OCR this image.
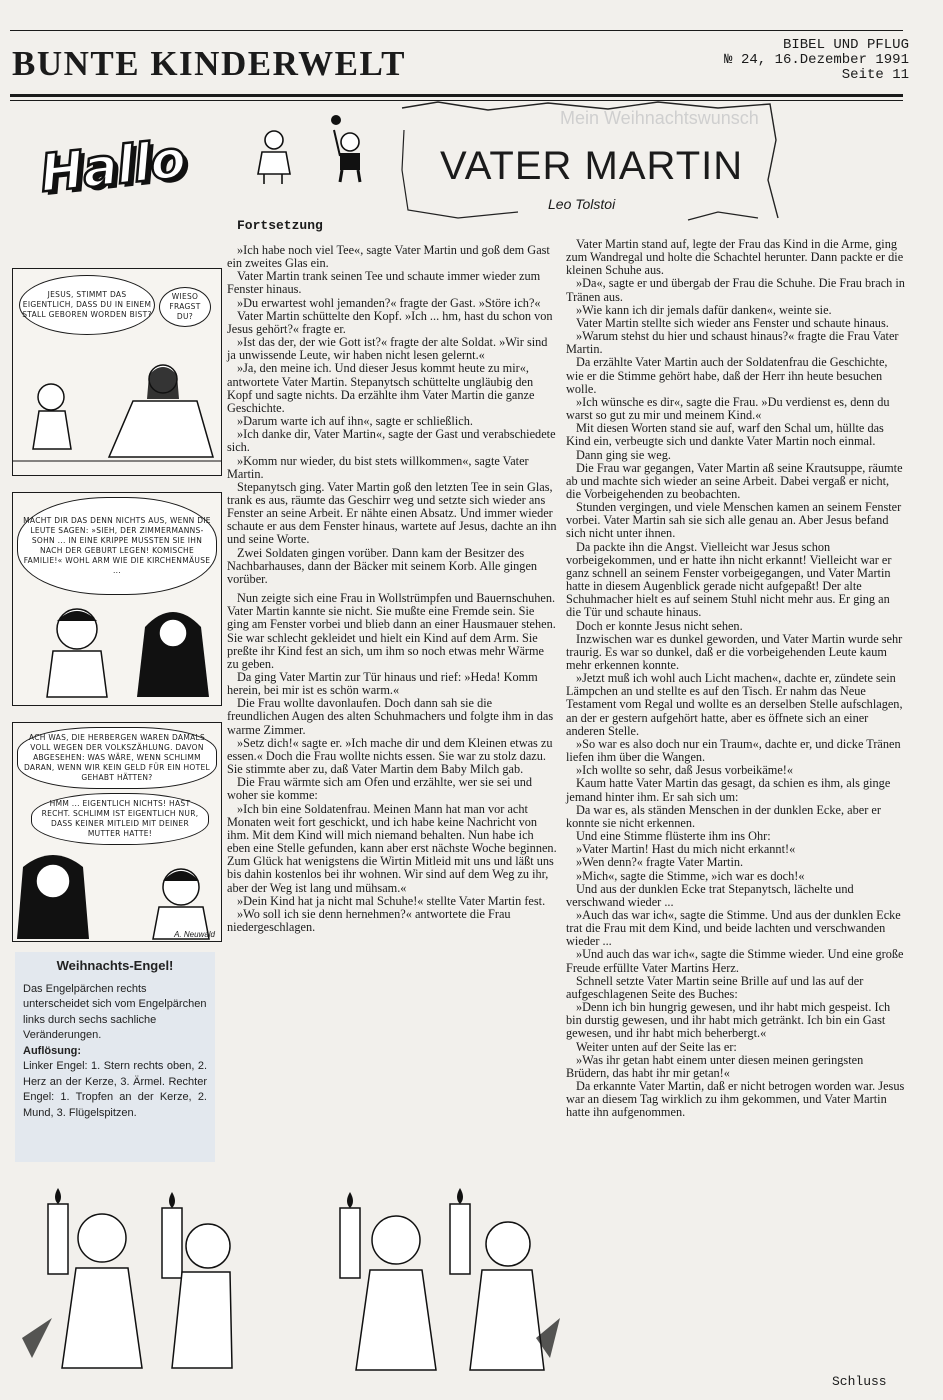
BUNTE KINDERWELT	BIBEL UND PFLUG
№ 24, 16.Dezember 1991
Seite 11
Mein Weihnachtswunsch
Hallo	VATER MARTIN
Leo Tolstoi
Fortsetzung
JESUS, STIMMT DAS EIGENTLICH, DASS DU IN EINEM STALL GEBOREN WORDEN BIST?
WIESO FRAGST DU?
MACHT DIR DAS DENN NICHTS AUS, WENN DIE LEUTE SAGEN: »SIEH, DER ZIMMERMANNS-SOHN ... IN EINE KRIPPE MUSSTEN SIE IHN NACH DER GEBURT LEGEN! KOMISCHE FAMILIE!« WOHL ARM WIE DIE KIRCHENMÄUSE ...
ACH WAS, DIE HERBERGEN WAREN DAMALS VOLL WEGEN DER VOLKSZÄHLUNG. DAVON ABGESEHEN: WAS WÄRE, WENN SCHLIMM DARAN, WENN WIR KEIN GELD FÜR EIN HOTEL GEHABT HÄTTEN?
HMM ... EIGENTLICH NICHTS! HAST RECHT. SCHLIMM IST EIGENTLICH NUR, DASS KEINER MITLEID MIT DEINER MUTTER HATTE!
A. Neuwald
Weihnachts-Engel!

Das Engelpärchen rechts unterscheidet sich vom Engelpärchen links durch sechs sachliche Veränderungen.

Auflösung:

Linker Engel: 1. Stern rechts oben, 2. Herz an der Kerze, 3. Ärmel. Rechter Engel: 1. Tropfen an der Kerze, 2. Mund, 3. Flügelspitzen.

»Ich habe noch viel Tee«, sagte Vater Martin und goß dem Gast ein zweites Glas ein.

Vater Martin trank seinen Tee und schaute immer wieder zum Fenster hinaus.

»Du erwartest wohl jemanden?« fragte der Gast. »Störe ich?«

Vater Martin schüttelte den Kopf. »Ich ... hm, hast du schon von Jesus gehört?« fragte er.

»Ist das der, der wie Gott ist?« fragte der alte Soldat. »Wir sind ja unwissende Leute, wir haben nicht lesen gelernt.«

»Ja, den meine ich. Und dieser Jesus kommt heute zu mir«, antwortete Vater Martin. Stepanytsch schüttelte ungläubig den Kopf und sagte nichts. Da erzählte ihm Vater Martin die ganze Geschichte.

»Darum warte ich auf ihn«, sagte er schließlich.

»Ich danke dir, Vater Martin«, sagte der Gast und verabschiedete sich.

»Komm nur wieder, du bist stets willkommen«, sagte Vater Martin.

Stepanytsch ging. Vater Martin goß den letzten Tee in sein Glas, trank es aus, räumte das Geschirr weg und setzte sich wieder ans Fenster an seine Arbeit. Er nähte einen Absatz. Und immer wieder schaute er aus dem Fenster hinaus, wartete auf Jesus, dachte an ihn und seine Worte.

Zwei Soldaten gingen vorüber. Dann kam der Besitzer des Nachbarhauses, dann der Bäcker mit seinem Korb. Alle gingen vorüber.

Nun zeigte sich eine Frau in Wollstrümpfen und Bauernschuhen. Vater Martin kannte sie nicht. Sie mußte eine Fremde sein. Sie ging am Fenster vorbei und blieb dann an einer Hausmauer stehen. Sie war schlecht gekleidet und hielt ein Kind auf dem Arm. Sie preßte ihr Kind fest an sich, um ihm so noch etwas mehr Wärme zu geben.

Da ging Vater Martin zur Tür hinaus und rief: »Heda! Komm herein, bei mir ist es schön warm.«

Die Frau wollte davonlaufen. Doch dann sah sie die freundlichen Augen des alten Schuhmachers und folgte ihm in das warme Zimmer.

»Setz dich!« sagte er. »Ich mache dir und dem Kleinen etwas zu essen.« Doch die Frau wollte nichts essen. Sie war zu stolz dazu. Sie stimmte aber zu, daß Vater Martin dem Baby Milch gab.

Die Frau wärmte sich am Ofen und erzählte, wer sie sei und woher sie komme:

»Ich bin eine Soldatenfrau. Meinen Mann hat man vor acht Monaten weit fort geschickt, und ich habe keine Nachricht von ihm. Mit dem Kind will mich niemand behalten. Nun habe ich eben eine Stelle gefunden, kann aber erst nächste Woche beginnen. Zum Glück hat wenigstens die Wirtin Mitleid mit uns und läßt uns bis dahin kostenlos bei ihr wohnen. Wir sind auf dem Weg zu ihr, aber der Weg ist lang und mühsam.«

»Dein Kind hat ja nicht mal Schuhe!« stellte Vater Martin fest.

»Wo soll ich sie denn hernehmen?« antwortete die Frau niedergeschlagen.

Vater Martin stand auf, legte der Frau das Kind in die Arme, ging zum Wandregal und holte die Schachtel herunter. Dann packte er die kleinen Schuhe aus.

»Da«, sagte er und übergab der Frau die Schuhe. Die Frau brach in Tränen aus.

»Wie kann ich dir jemals dafür danken«, weinte sie.

Vater Martin stellte sich wieder ans Fenster und schaute hinaus.

»Warum stehst du hier und schaust hinaus?« fragte die Frau Vater Martin.

Da erzählte Vater Martin auch der Soldatenfrau die Geschichte, wie er die Stimme gehört habe, daß der Herr ihn heute besuchen wolle.

»Ich wünsche es dir«, sagte die Frau. »Du verdienst es, denn du warst so gut zu mir und meinem Kind.«

Mit diesen Worten stand sie auf, warf den Schal um, hüllte das Kind ein, verbeugte sich und dankte Vater Martin noch einmal.

Dann ging sie weg.

Die Frau war gegangen, Vater Martin aß seine Krautsuppe, räumte ab und machte sich wieder an seine Arbeit. Dabei vergaß er nicht, die Vorbeigehenden zu beobachten.

Stunden vergingen, und viele Menschen kamen an seinem Fenster vorbei. Vater Martin sah sie sich alle genau an. Aber Jesus befand sich nicht unter ihnen.

Da packte ihn die Angst. Vielleicht war Jesus schon vorbeigekommen, und er hatte ihn nicht erkannt! Vielleicht war er ganz schnell an seinem Fenster vorbeigegangen, und Vater Martin hatte in diesem Augenblick gerade nicht aufgepaßt! Der alte Schuhmacher hielt es auf seinem Stuhl nicht mehr aus. Er ging an die Tür und schaute hinaus.

Doch er konnte Jesus nicht sehen.

Inzwischen war es dunkel geworden, und Vater Martin wurde sehr traurig. Es war so dunkel, daß er die vorbeigehenden Leute kaum mehr erkennen konnte.

»Jetzt muß ich wohl auch Licht machen«, dachte er, zündete sein Lämpchen an und stellte es auf den Tisch. Er nahm das Neue Testament vom Regal und wollte es an derselben Stelle aufschlagen, an der er gestern aufgehört hatte, aber es öffnete sich an einer anderen Stelle.

»So war es also doch nur ein Traum«, dachte er, und dicke Tränen liefen ihm über die Wangen.

»Ich wollte so sehr, daß Jesus vorbeikäme!«

Kaum hatte Vater Martin das gesagt, da schien es ihm, als ginge jemand hinter ihm. Er sah sich um:

Da war es, als ständen Menschen in der dunklen Ecke, aber er konnte sie nicht erkennen.

Und eine Stimme flüsterte ihm ins Ohr:

»Vater Martin! Hast du mich nicht erkannt!«

»Wen denn?« fragte Vater Martin.

»Mich«, sagte die Stimme, »ich war es doch!«

Und aus der dunklen Ecke trat Stepanytsch, lächelte und verschwand wieder ...

»Auch das war ich«, sagte die Stimme. Und aus der dunklen Ecke trat die Frau mit dem Kind, und beide lachten und verschwanden wieder ...

»Und auch das war ich«, sagte die Stimme wieder. Und eine große Freude erfüllte Vater Martins Herz.

Schnell setzte Vater Martin seine Brille auf und las auf der aufgeschlagenen Seite des Buches:

»Denn ich bin hungrig gewesen, und ihr habt mich gespeist. Ich bin durstig gewesen, und ihr habt mich getränkt. Ich bin ein Gast gewesen, und ihr habt mich beherbergt.«

Weiter unten auf der Seite las er:

»Was ihr getan habt einem unter diesen meinen geringsten Brüdern, das habt ihr mir getan!«

Da erkannte Vater Martin, daß er nicht betrogen worden war. Jesus war an diesem Tag wirklich zu ihm gekommen, und Vater Martin hatte ihn aufgenommen.

Schluss
